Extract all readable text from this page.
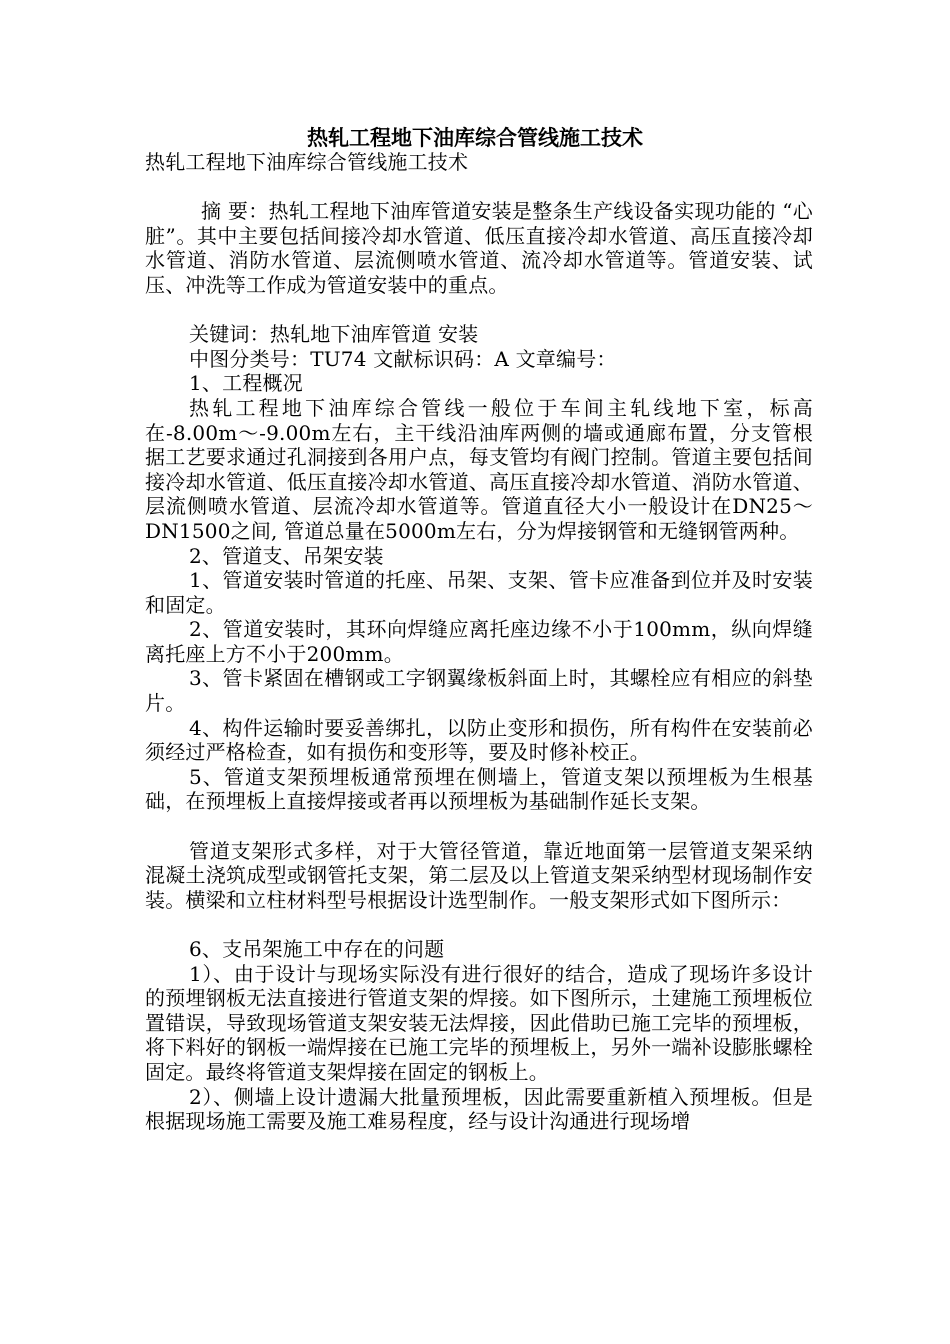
热轧工程地下油库综合管线施工技术

热轧工程地下油库综合管线施工技术

摘 要：热轧工程地下油库管道安装是整条生产线设备实现功能的 “心脏”。其中主要包括间接冷却水管道、低压直接冷却水管道、高压直接冷却水管道、消防水管道、层流侧喷水管道、流冷却水管道等。管道安装、试压、冲洗等工作成为管道安装中的重点。

关键词：热轧地下油库管道 安装

中图分类号：TU74 文献标识码：A 文章编号：

1、工程概况

热轧工程地下油库综合管线一般位于车间主轧线地下室，标高在-8.00m～-9.00m左右，主干线沿油库两侧的墙或通廊布置，分支管根据工艺要求通过孔洞接到各用户点，每支管均有阀门控制。管道主要包括间接冷却水管道、低压直接冷却水管道、高压直接冷却水管道、消防水管道、层流侧喷水管道、层流冷却水管道等。管道直径大小一般设计在DN25～DN1500之间, 管道总量在5000m左右，分为焊接钢管和无缝钢管两种。

2、管道支、吊架安装

1、管道安装时管道的托座、吊架、支架、管卡应准备到位并及时安装和固定。

2、管道安装时，其环向焊缝应离托座边缘不小于100mm，纵向焊缝离托座上方不小于200mm。

3、管卡紧固在槽钢或工字钢翼缘板斜面上时，其螺栓应有相应的斜垫片。

4、构件运输时要妥善绑扎，以防止变形和损伤，所有构件在安装前必须经过严格检查，如有损伤和变形等，要及时修补校正。

5、管道支架预埋板通常预埋在侧墙上，管道支架以预埋板为生根基础，在预埋板上直接焊接或者再以预埋板为基础制作延长支架。

管道支架形式多样，对于大管径管道，靠近地面第一层管道支架采纳混凝土浇筑成型或钢管托支架，第二层及以上管道支架采纳型材现场制作安装。横梁和立柱材料型号根据设计选型制作。一般支架形式如下图所示：

6、支吊架施工中存在的问题

1）、由于设计与现场实际没有进行很好的结合，造成了现场许多设计的预埋钢板无法直接进行管道支架的焊接。如下图所示，土建施工预埋板位置错误，导致现场管道支架安装无法焊接，因此借助已施工完毕的预埋板，将下料好的钢板一端焊接在已施工完毕的预埋板上，另外一端补设膨胀螺栓固定。最终将管道支架焊接在固定的钢板上。

2）、侧墙上设计遗漏大批量预埋板，因此需要重新植入预埋板。但是根据现场施工需要及施工难易程度，经与设计沟通进行现场增
